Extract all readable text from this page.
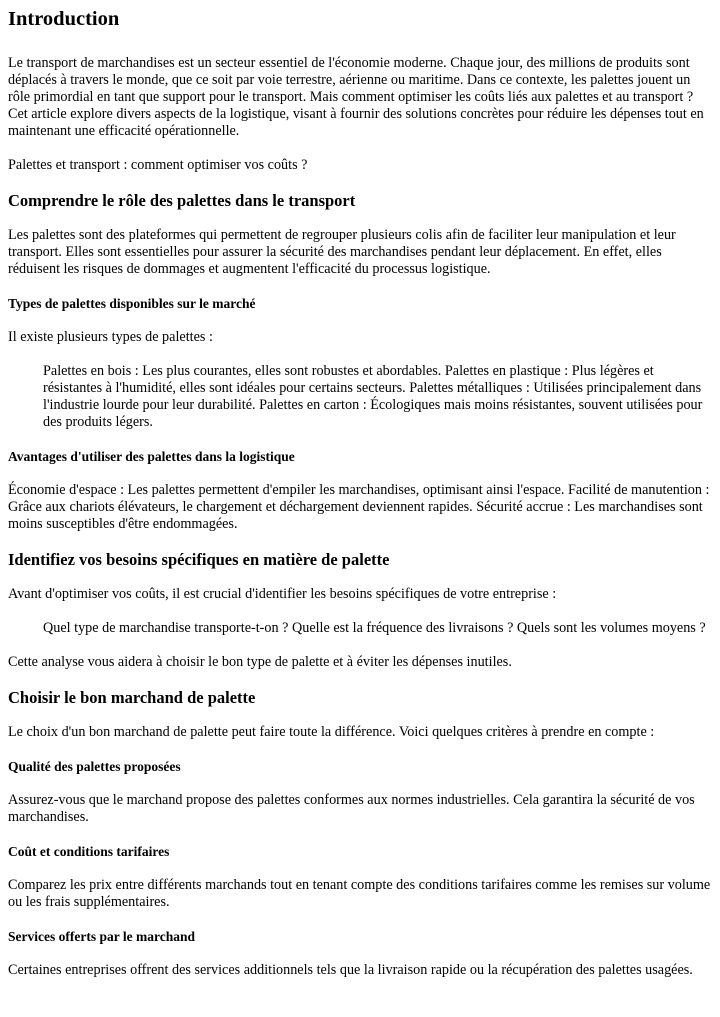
Introduction

Le transport de marchandises est un secteur essentiel de l'économie moderne. Chaque jour, des millions de produits sont déplacés à travers le monde, que ce soit par voie terrestre, aérienne ou maritime. Dans ce contexte, les palettes jouent un rôle primordial en tant que support pour le transport. Mais comment optimiser les coûts liés aux palettes et au transport ? Cet article explore divers aspects de la logistique, visant à fournir des solutions concrètes pour réduire les dépenses tout en maintenant une efficacité opérationnelle.

Palettes et transport : comment optimiser vos coûts ?

Comprendre le rôle des palettes dans le transport

Les palettes sont des plateformes qui permettent de regrouper plusieurs colis afin de faciliter leur manipulation et leur transport. Elles sont essentielles pour assurer la sécurité des marchandises pendant leur déplacement. En effet, elles réduisent les risques de dommages et augmentent l'efficacité du processus logistique.

Types de palettes disponibles sur le marché

Il existe plusieurs types de palettes :

Palettes en bois : Les plus courantes, elles sont robustes et abordables. Palettes en plastique : Plus légères et résistantes à l'humidité, elles sont idéales pour certains secteurs. Palettes métalliques : Utilisées principalement dans l'industrie lourde pour leur durabilité. Palettes en carton : Écologiques mais moins résistantes, souvent utilisées pour des produits légers.
Avantages d'utiliser des palettes dans la logistique

Économie d'espace : Les palettes permettent d'empiler les marchandises, optimisant ainsi l'espace. Facilité de manutention : Grâce aux chariots élévateurs, le chargement et déchargement deviennent rapides. Sécurité accrue : Les marchandises sont moins susceptibles d'être endommagées.

Identifiez vos besoins spécifiques en matière de palette

Avant d'optimiser vos coûts, il est crucial d'identifier les besoins spécifiques de votre entreprise :

Quel type de marchandise transporte-t-on ? Quelle est la fréquence des livraisons ? Quels sont les volumes moyens ?

Cette analyse vous aidera à choisir le bon type de palette et à éviter les dépenses inutiles.

Choisir le bon marchand de palette

Le choix d'un bon marchand de palette peut faire toute la différence. Voici quelques critères à prendre en compte :

Qualité des palettes proposées

Assurez-vous que le marchand propose des palettes conformes aux normes industrielles. Cela garantira la sécurité de vos marchandises.

Coût et conditions tarifaires

Comparez les prix entre différents marchands tout en tenant compte des conditions tarifaires comme les remises sur volume ou les frais supplémentaires.

Services offerts par le marchand

Certaines entreprises offrent des services additionnels tels que la livraison rapide ou la récupération des palettes usagées.
